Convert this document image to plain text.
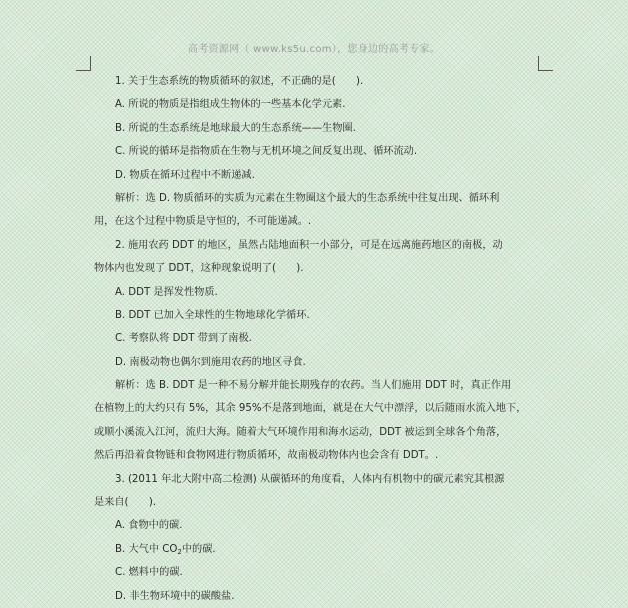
高考资源网（ www.ks5u.com），您身边的高考专家。
1. 关于生态系统的物质循环的叙述，不正确的是(　　).
A. 所说的物质是指组成生物体的一些基本化学元素.
B. 所说的生态系统是地球最大的生态系统——生物圈.
C. 所说的循环是指物质在生物与无机环境之间反复出现、循环流动.
D. 物质在循环过程中不断递减.
解析：选 D. 物质循环的实质为元素在生物圈这个最大的生态系统中往复出现、循环利
用，在这个过程中物质是守恒的，不可能递减。.
2. 施用农药 DDT 的地区，虽然占陆地面积一小部分，可是在远离施药地区的南极，动
物体内也发现了 DDT，这种现象说明了(　　).
A. DDT 是挥发性物质.
B. DDT 已加入全球性的生物地球化学循环.
C. 考察队将 DDT 带到了南极.
D. 南极动物也偶尔到施用农药的地区寻食.
解析：选 B. DDT 是一种不易分解并能长期残存的农药。当人们施用 DDT 时，真正作用
在植物上的大约只有 5%，其余 95%不是落到地面，就是在大气中漂浮，以后随雨水流入地下，
或顺小溪流入江河，流归大海。随着大气环境作用和海水运动，DDT 被运到全球各个角落，
然后再沿着食物链和食物网进行物质循环，故南极动物体内也会含有 DDT。.
3. (2011 年北大附中高二检测) 从碳循环的角度看，人体内有机物中的碳元素究其根源
是来自(　　).
A. 食物中的碳.
B. 大气中 $CO_2$中的碳.
C. 燃料中的碳.
D. 非生物环境中的碳酸盐.
